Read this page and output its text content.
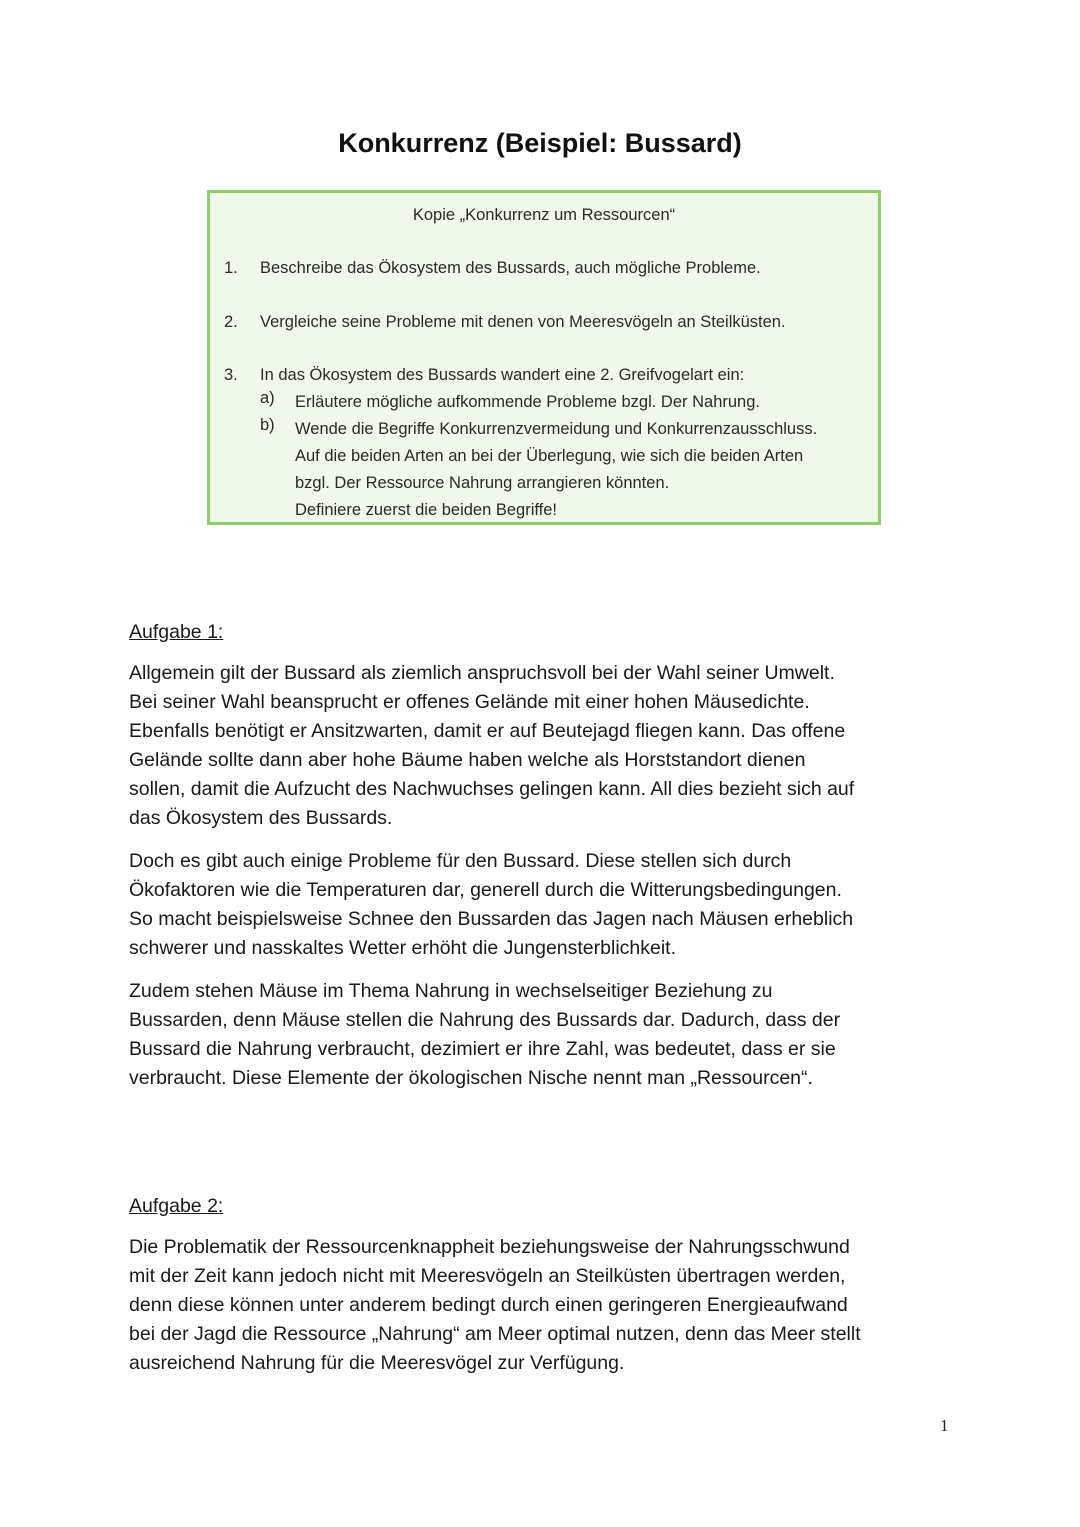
Konkurrenz (Beispiel: Bussard)
Kopie „Konkurrenz um Ressourcen“
1. Beschreibe das Ökosystem des Bussards, auch mögliche Probleme.
2. Vergleiche seine Probleme mit denen von Meeresvögeln an Steilküsten.
3. In das Ökosystem des Bussards wandert eine 2. Greifvogelart ein:
a) Erläutere mögliche aufkommende Probleme bzgl. Der Nahrung.
b) Wende die Begriffe Konkurrenzvermeidung und Konkurrenzausschluss.
Auf die beiden Arten an bei der Überlegung, wie sich die beiden Arten
bzgl. Der Ressource Nahrung arrangieren könnten.
Definiere zuerst die beiden Begriffe!
Aufgabe 1:

Allgemein gilt der Bussard als ziemlich anspruchsvoll bei der Wahl seiner Umwelt.
Bei seiner Wahl beansprucht er offenes Gelände mit einer hohen Mäusedichte.
Ebenfalls benötigt er Ansitzwarten, damit er auf Beutejagd fliegen kann. Das offene
Gelände sollte dann aber hohe Bäume haben welche als Horststandort dienen
sollen, damit die Aufzucht des Nachwuchses gelingen kann. All dies bezieht sich auf
das Ökosystem des Bussards.

Doch es gibt auch einige Probleme für den Bussard. Diese stellen sich durch
Ökofaktoren wie die Temperaturen dar, generell durch die Witterungsbedingungen.
So macht beispielsweise Schnee den Bussarden das Jagen nach Mäusen erheblich
schwerer und nasskaltes Wetter erhöht die Jungensterblichkeit.

Zudem stehen Mäuse im Thema Nahrung in wechselseitiger Beziehung zu
Bussarden, denn Mäuse stellen die Nahrung des Bussards dar. Dadurch, dass der
Bussard die Nahrung verbraucht, dezimiert er ihre Zahl, was bedeutet, dass er sie
verbraucht. Diese Elemente der ökologischen Nische nennt man „Ressourcen“.

Aufgabe 2:

Die Problematik der Ressourcenknappheit beziehungsweise der Nahrungsschwund
mit der Zeit kann jedoch nicht mit Meeresvögeln an Steilküsten übertragen werden,
denn diese können unter anderem bedingt durch einen geringeren Energieaufwand
bei der Jagd die Ressource „Nahrung“ am Meer optimal nutzen, denn das Meer stellt
ausreichend Nahrung für die Meeresvögel zur Verfügung.

1
